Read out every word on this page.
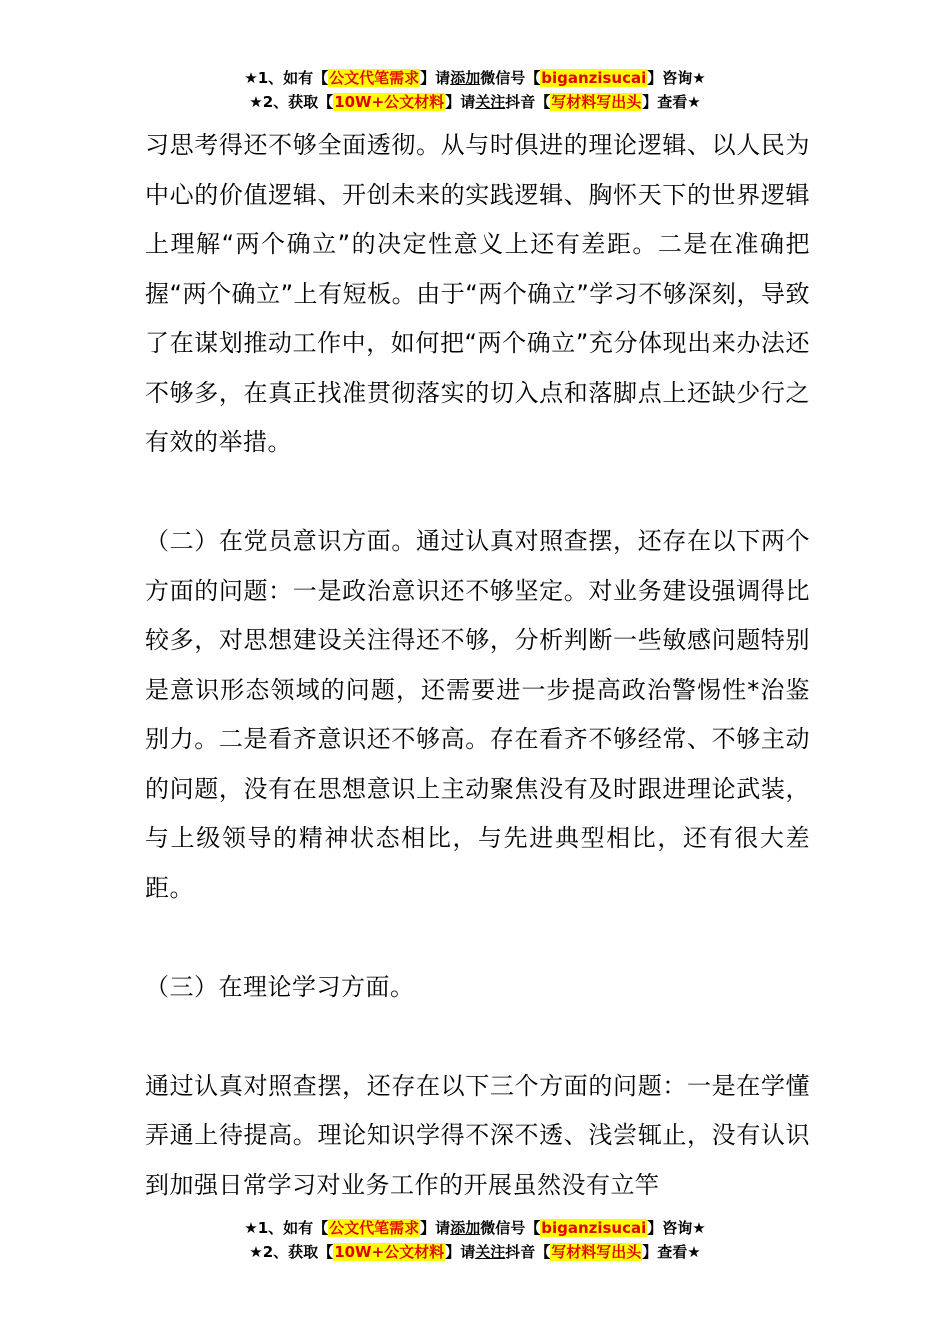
★1、如有【公文代笔需求】请添加微信号【biganzisucai】咨询★
★2、获取【10W+公文材料】请关注抖音【写材料写出头】查看★

习思考得还不够全面透彻。从与时俱进的理论逻辑、以人民为中心的价值逻辑、开创未来的实践逻辑、胸怀天下的世界逻辑上理解“两个确立”的决定性意义上还有差距。二是在准确把握“两个确立”上有短板。由于“两个确立”学习不够深刻，导致了在谋划推动工作中，如何把“两个确立”充分体现出来办法还不够多，在真正找准贯彻落实的切入点和落脚点上还缺少行之有效的举措。

（二）在党员意识方面。通过认真对照查摆，还存在以下两个方面的问题：一是政治意识还不够坚定。对业务建设强调得比较多，对思想建设关注得还不够，分析判断一些敏感问题特别是意识形态领域的问题，还需要进一步提高政治警惕性*治鉴别力。二是看齐意识还不够高。存在看齐不够经常、不够主动的问题，没有在思想意识上主动聚焦没有及时跟进理论武装，与上级领导的精神状态相比，与先进典型相比，还有很大差距。

（三）在理论学习方面。

通过认真对照查摆，还存在以下三个方面的问题：一是在学懂弄通上待提高。理论知识学得不深不透、浅尝辄止，没有认识到加强日常学习对业务工作的开展虽然没有立竿

★1、如有【公文代笔需求】请添加微信号【biganzisucai】咨询★
★2、获取【10W+公文材料】请关注抖音【写材料写出头】查看★
